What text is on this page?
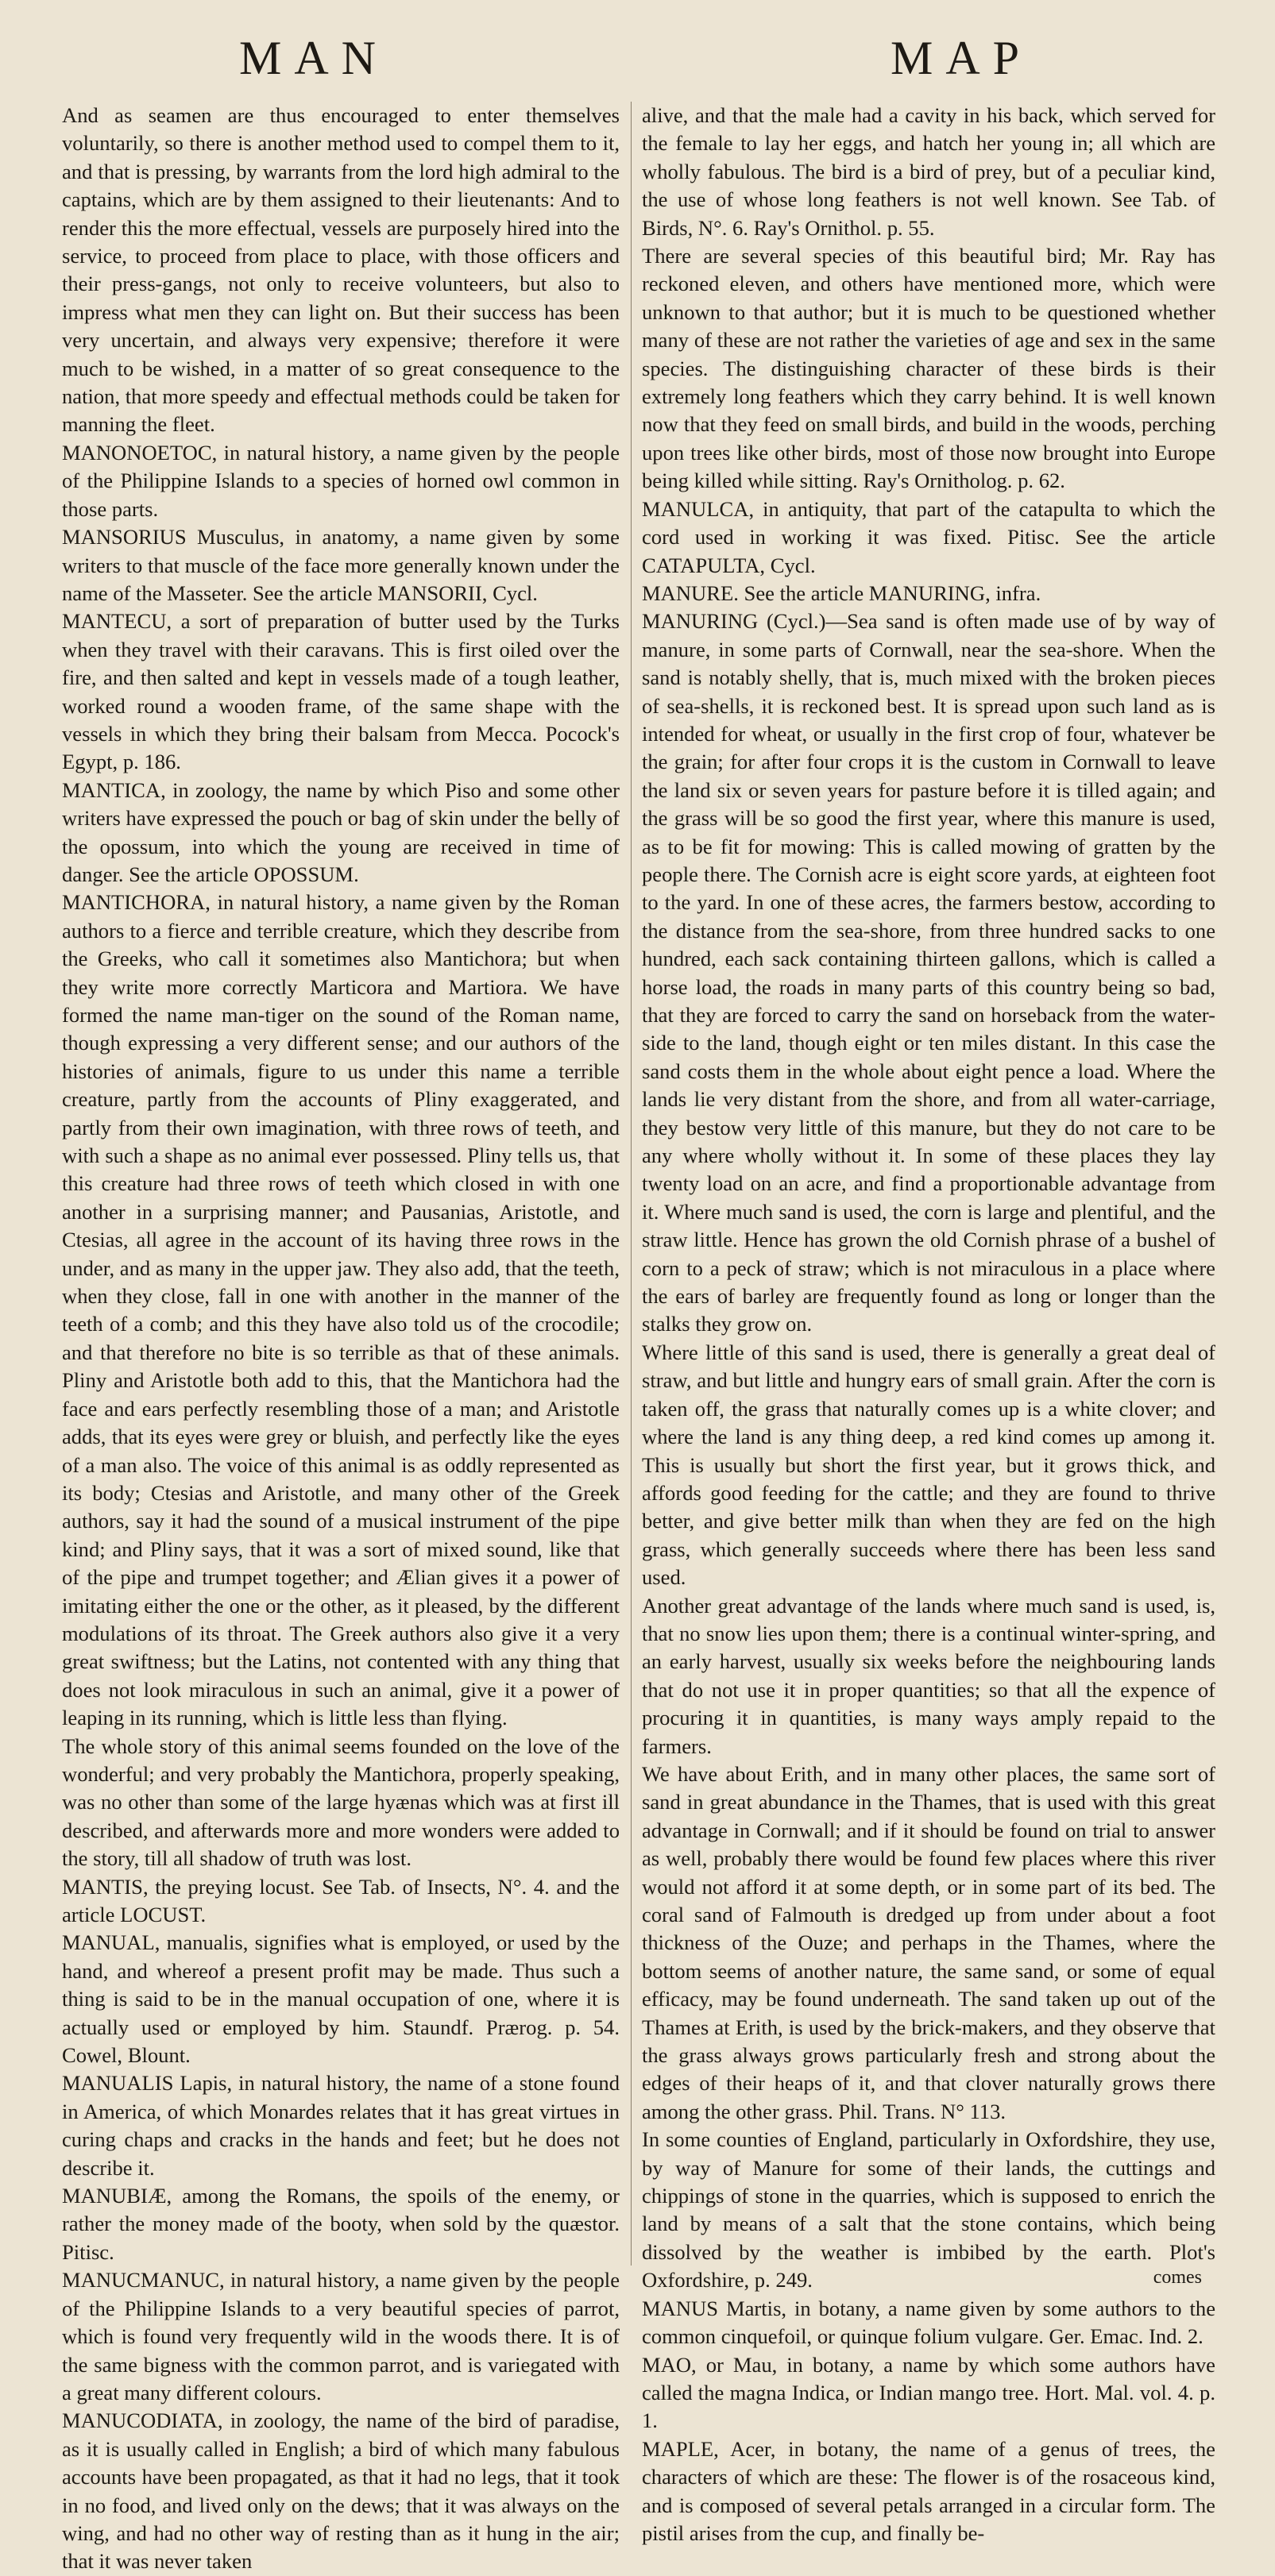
MAN	MAP

And as seamen are thus encouraged to enter themselves voluntarily, so there is another method used to compel them to it, and that is pressing, by warrants from the lord high admiral to the captains, which are by them assigned to their lieutenants: And to render this the more effectual, vessels are purposely hired into the service, to proceed from place to place, with those officers and their press-gangs, not only to receive volunteers, but also to impress what men they can light on. But their success has been very uncertain, and always very expensive; therefore it were much to be wished, in a matter of so great consequence to the nation, that more speedy and effectual methods could be taken for manning the fleet.

MANONOETOC, in natural history, a name given by the people of the Philippine Islands to a species of horned owl common in those parts.

MANSORIUS Musculus, in anatomy, a name given by some writers to that muscle of the face more generally known under the name of the Masseter. See the article MANSORII, Cycl.

MANTECU, a sort of preparation of butter used by the Turks when they travel with their caravans. This is first oiled over the fire, and then salted and kept in vessels made of a tough leather, worked round a wooden frame, of the same shape with the vessels in which they bring their balsam from Mecca. Pocock's Egypt, p. 186.

MANTICA, in zoology, the name by which Piso and some other writers have expressed the pouch or bag of skin under the belly of the opossum, into which the young are received in time of danger. See the article OPOSSUM.

MANTICHORA, in natural history, a name given by the Roman authors to a fierce and terrible creature, which they describe from the Greeks, who call it sometimes also Mantichora; but when they write more correctly Marticora and Martiora. We have formed the name man-tiger on the sound of the Roman name, though expressing a very different sense; and our authors of the histories of animals, figure to us under this name a terrible creature, partly from the accounts of Pliny exaggerated, and partly from their own imagination, with three rows of teeth, and with such a shape as no animal ever possessed. Pliny tells us, that this creature had three rows of teeth which closed in with one another in a surprising manner; and Pausanias, Aristotle, and Ctesias, all agree in the account of its having three rows in the under, and as many in the upper jaw. They also add, that the teeth, when they close, fall in one with another in the manner of the teeth of a comb; and this they have also told us of the crocodile; and that therefore no bite is so terrible as that of these animals. Pliny and Aristotle both add to this, that the Mantichora had the face and ears perfectly resembling those of a man; and Aristotle adds, that its eyes were grey or bluish, and perfectly like the eyes of a man also. The voice of this animal is as oddly represented as its body; Ctesias and Aristotle, and many other of the Greek authors, say it had the sound of a musical instrument of the pipe kind; and Pliny says, that it was a sort of mixed sound, like that of the pipe and trumpet together; and Ælian gives it a power of imitating either the one or the other, as it pleased, by the different modulations of its throat. The Greek authors also give it a very great swiftness; but the Latins, not contented with any thing that does not look miraculous in such an animal, give it a power of leaping in its running, which is little less than flying.

The whole story of this animal seems founded on the love of the wonderful; and very probably the Mantichora, properly speaking, was no other than some of the large hyænas which was at first ill described, and afterwards more and more wonders were added to the story, till all shadow of truth was lost.

MANTIS, the preying locust. See Tab. of Insects, N°. 4. and the article LOCUST.

MANUAL, manualis, signifies what is employed, or used by the hand, and whereof a present profit may be made. Thus such a thing is said to be in the manual occupation of one, where it is actually used or employed by him. Staundf. Prærog. p. 54. Cowel, Blount.

MANUALIS Lapis, in natural history, the name of a stone found in America, of which Monardes relates that it has great virtues in curing chaps and cracks in the hands and feet; but he does not describe it.

MANUBIÆ, among the Romans, the spoils of the enemy, or rather the money made of the booty, when sold by the quæstor. Pitisc.

MANUCMANUC, in natural history, a name given by the people of the Philippine Islands to a very beautiful species of parrot, which is found very frequently wild in the woods there. It is of the same bigness with the common parrot, and is variegated with a great many different colours.

MANUCODIATA, in zoology, the name of the bird of paradise, as it is usually called in English; a bird of which many fabulous accounts have been propagated, as that it had no legs, that it took in no food, and lived only on the dews; that it was always on the wing, and had no other way of resting than as it hung in the air; that it was never taken

alive, and that the male had a cavity in his back, which served for the female to lay her eggs, and hatch her young in; all which are wholly fabulous. The bird is a bird of prey, but of a peculiar kind, the use of whose long feathers is not well known. See Tab. of Birds, N°. 6. Ray's Ornithol. p. 55.

There are several species of this beautiful bird; Mr. Ray has reckoned eleven, and others have mentioned more, which were unknown to that author; but it is much to be questioned whether many of these are not rather the varieties of age and sex in the same species. The distinguishing character of these birds is their extremely long feathers which they carry behind. It is well known now that they feed on small birds, and build in the woods, perching upon trees like other birds, most of those now brought into Europe being killed while sitting. Ray's Ornitholog. p. 62.

MANULCA, in antiquity, that part of the catapulta to which the cord used in working it was fixed. Pitisc. See the article CATAPULTA, Cycl.

MANURE. See the article MANURING, infra.

MANURING (Cycl.)—Sea sand is often made use of by way of manure, in some parts of Cornwall, near the sea-shore. When the sand is notably shelly, that is, much mixed with the broken pieces of sea-shells, it is reckoned best. It is spread upon such land as is intended for wheat, or usually in the first crop of four, whatever be the grain; for after four crops it is the custom in Cornwall to leave the land six or seven years for pasture before it is tilled again; and the grass will be so good the first year, where this manure is used, as to be fit for mowing: This is called mowing of gratten by the people there. The Cornish acre is eight score yards, at eighteen foot to the yard. In one of these acres, the farmers bestow, according to the distance from the sea-shore, from three hundred sacks to one hundred, each sack containing thirteen gallons, which is called a horse load, the roads in many parts of this country being so bad, that they are forced to carry the sand on horseback from the water-side to the land, though eight or ten miles distant. In this case the sand costs them in the whole about eight pence a load. Where the lands lie very distant from the shore, and from all water-carriage, they bestow very little of this manure, but they do not care to be any where wholly without it. In some of these places they lay twenty load on an acre, and find a proportionable advantage from it. Where much sand is used, the corn is large and plentiful, and the straw little. Hence has grown the old Cornish phrase of a bushel of corn to a peck of straw; which is not miraculous in a place where the ears of barley are frequently found as long or longer than the stalks they grow on.

Where little of this sand is used, there is generally a great deal of straw, and but little and hungry ears of small grain. After the corn is taken off, the grass that naturally comes up is a white clover; and where the land is any thing deep, a red kind comes up among it. This is usually but short the first year, but it grows thick, and affords good feeding for the cattle; and they are found to thrive better, and give better milk than when they are fed on the high grass, which generally succeeds where there has been less sand used.

Another great advantage of the lands where much sand is used, is, that no snow lies upon them; there is a continual winter-spring, and an early harvest, usually six weeks before the neighbouring lands that do not use it in proper quantities; so that all the expence of procuring it in quantities, is many ways amply repaid to the farmers.

We have about Erith, and in many other places, the same sort of sand in great abundance in the Thames, that is used with this great advantage in Cornwall; and if it should be found on trial to answer as well, probably there would be found few places where this river would not afford it at some depth, or in some part of its bed. The coral sand of Falmouth is dredged up from under about a foot thickness of the Ouze; and perhaps in the Thames, where the bottom seems of another nature, the same sand, or some of equal efficacy, may be found underneath. The sand taken up out of the Thames at Erith, is used by the brick-makers, and they observe that the grass always grows particularly fresh and strong about the edges of their heaps of it, and that clover naturally grows there among the other grass. Phil. Trans. N° 113.

In some counties of England, particularly in Oxfordshire, they use, by way of Manure for some of their lands, the cuttings and chippings of stone in the quarries, which is supposed to enrich the land by means of a salt that the stone contains, which being dissolved by the weather is imbibed by the earth. Plot's Oxfordshire, p. 249.

MANUS Martis, in botany, a name given by some authors to the common cinquefoil, or quinque folium vulgare. Ger. Emac. Ind. 2.

MAO, or Mau, in botany, a name by which some authors have called the magna Indica, or Indian mango tree. Hort. Mal. vol. 4. p. 1.

MAPLE, Acer, in botany, the name of a genus of trees, the characters of which are these: The flower is of the rosaceous kind, and is composed of several petals arranged in a circular form. The pistil arises from the cup, and finally be-

comes
